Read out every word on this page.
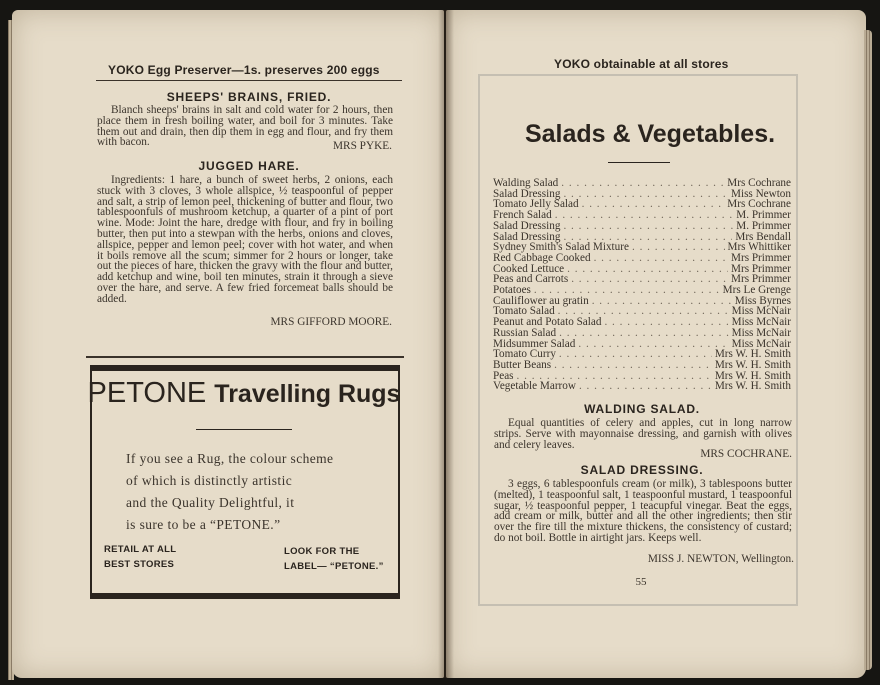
YOKO Egg Preserver—1s. preserves 200 eggs
SHEEPS' BRAINS, FRIED.

Blanch sheeps' brains in salt and cold water for 2 hours, then place them in fresh boiling water, and boil for 3 minutes. Take them out and drain, then dip them in egg and flour, and fry them with bacon.	MRS PYKE.
JUGGED HARE.

Ingredients: 1 hare, a bunch of sweet herbs, 2 onions, each stuck with 3 cloves, 3 whole allspice, ½ teaspoonful of pepper and salt, a strip of lemon peel, thickening of butter and flour, two tablespoonfuls of mushroom ketchup, a quarter of a pint of port wine. Mode: Joint the hare, dredge with flour, and fry in boiling butter, then put into a stewpan with the herbs, onions and cloves, allspice, pepper and lemon peel; cover with hot water, and when it boils remove all the scum; simmer for 2 hours or longer, take out the pieces of hare, thicken the gravy with the flour and butter, add ketchup and wine, boil ten minutes, strain it through a sieve over the hare, and serve. A few fried forcemeat balls should be added.

MRS GIFFORD MOORE.
PETONE Travelling Rugs
If you see a Rug, the colour scheme
of which is distinctly artistic
and the Quality Delightful, it
is sure to be a “PETONE.”
RETAIL AT ALL
BEST STORES
LOOK FOR THE
LABEL— “PETONE.”
YOKO obtainable at all stores
Salads & Vegetables.
Walding Salad . . .	Mrs Cochrane
Salad Dressing . . .	Miss Newton
Tomato Jelly Salad . . .	Mrs Cochrane
French Salad . . .	M. Primmer
Salad Dressing . . .	M. Primmer
Salad Dressing . . .	Mrs Bendall
Sydney Smith's Salad Mixture . . .	Mrs Whittiker
Red Cabbage Cooked . . .	Mrs Primmer
Cooked Lettuce . . .	Mrs Primmer
Peas and Carrots . . .	Mrs Primmer
Potatoes . . .	Mrs Le Grenge
Cauliflower au gratin . . .	Miss Byrnes
Tomato Salad . . .	Miss McNair
Peanut and Potato Salad . . .	Miss McNair
Russian Salad . . .	Miss McNair
Midsummer Salad . . .	Miss McNair
Tomato Curry . . .	Mrs W. H. Smith
Butter Beans . . .	Mrs W. H. Smith
Peas . . .	Mrs W. H. Smith
Vegetable Marrow . . .	Mrs W. H. Smith
WALDING SALAD.

Equal quantities of celery and apples, cut in long narrow strips. Serve with mayonnaise dressing, and garnish with olives and celery leaves.

MRS COCHRANE.
SALAD DRESSING.

3 eggs, 6 tablespoonfuls cream (or milk), 3 tablespoons butter (melted), 1 teaspoonful salt, 1 teaspoonful mustard, 1 teaspoonful sugar, ½ teaspoonful pepper, 1 teacupful vinegar. Beat the eggs, add cream or milk, butter and all the other ingredients; then stir over the fire till the mixture thickens, the consistency of custard; do not boil. Bottle in airtight jars. Keeps well.

MISS J. NEWTON, Wellington.
55
